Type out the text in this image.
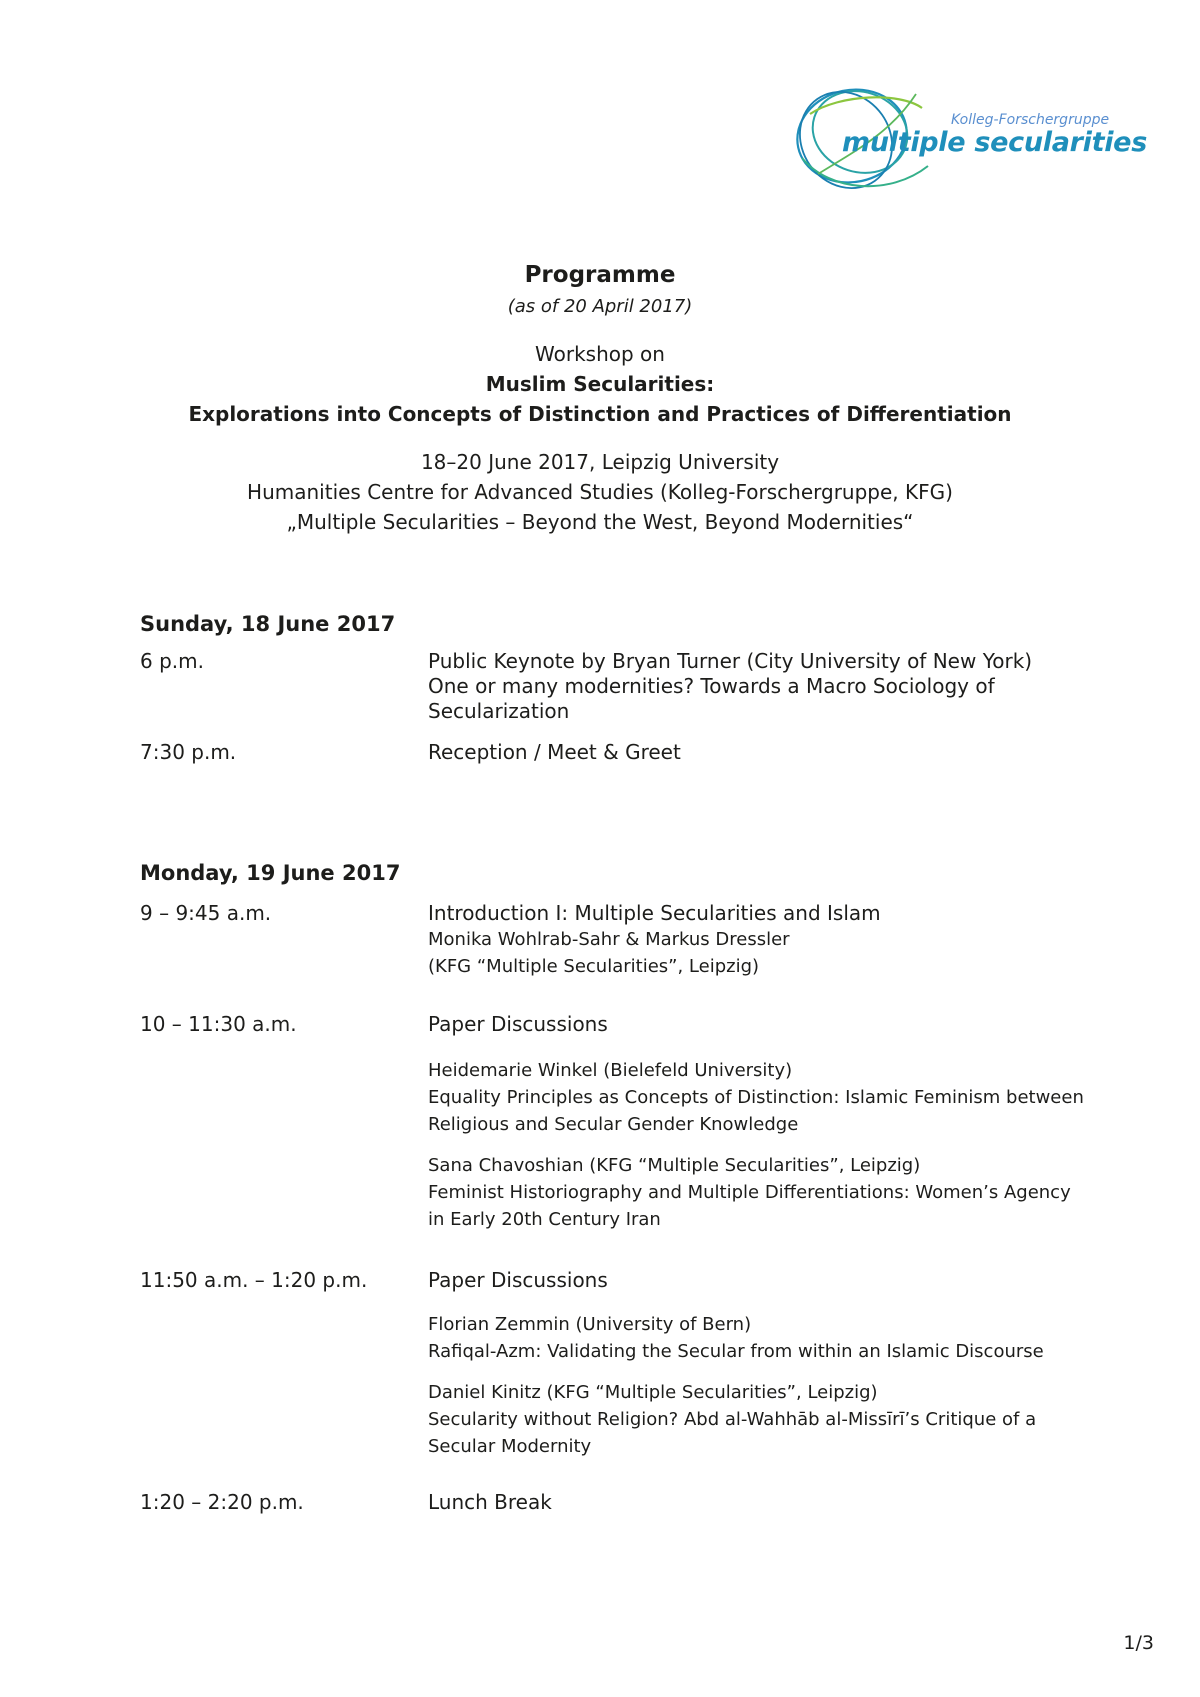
Kolleg-Forschergruppe
multiple secularities
Programme
(as of 20 April 2017)
Workshop on
Muslim Secularities:
Explorations into Concepts of Distinction and Practices of Differentiation
18–20 June 2017, Leipzig University
Humanities Centre for Advanced Studies (Kolleg-Forschergruppe, KFG)
„Multiple Secularities – Beyond the West, Beyond Modernities“
Sunday, 18 June 2017
6 p.m.	Public Keynote by Bryan Turner (City University of New York)
One or many modernities? Towards a Macro Sociology of
Secularization
7:30 p.m.	Reception / Meet & Greet
Monday, 19 June 2017
9 – 9:45 a.m.	Introduction I: Multiple Secularities and Islam
Monika Wohlrab-Sahr & Markus Dressler
(KFG “Multiple Secularities”, Leipzig)
10 – 11:30 a.m.	Paper Discussions
Heidemarie Winkel (Bielefeld University)
Equality Principles as Concepts of Distinction: Islamic Feminism between
Religious and Secular Gender Knowledge
Sana Chavoshian (KFG “Multiple Secularities”, Leipzig)
Feminist Historiography and Multiple Differentiations: Women’s Agency
in Early 20th Century Iran
11:50 a.m. – 1:20 p.m.	Paper Discussions
Florian Zemmin (University of Bern)
Rafiqal-Azm: Validating the Secular from within an Islamic Discourse
Daniel Kinitz (KFG “Multiple Secularities”, Leipzig)
Secularity without Religion? Abd al-Wahhāb al-Missīrī’s Critique of a
Secular Modernity
1:20 – 2:20 p.m.	Lunch Break
1/3
